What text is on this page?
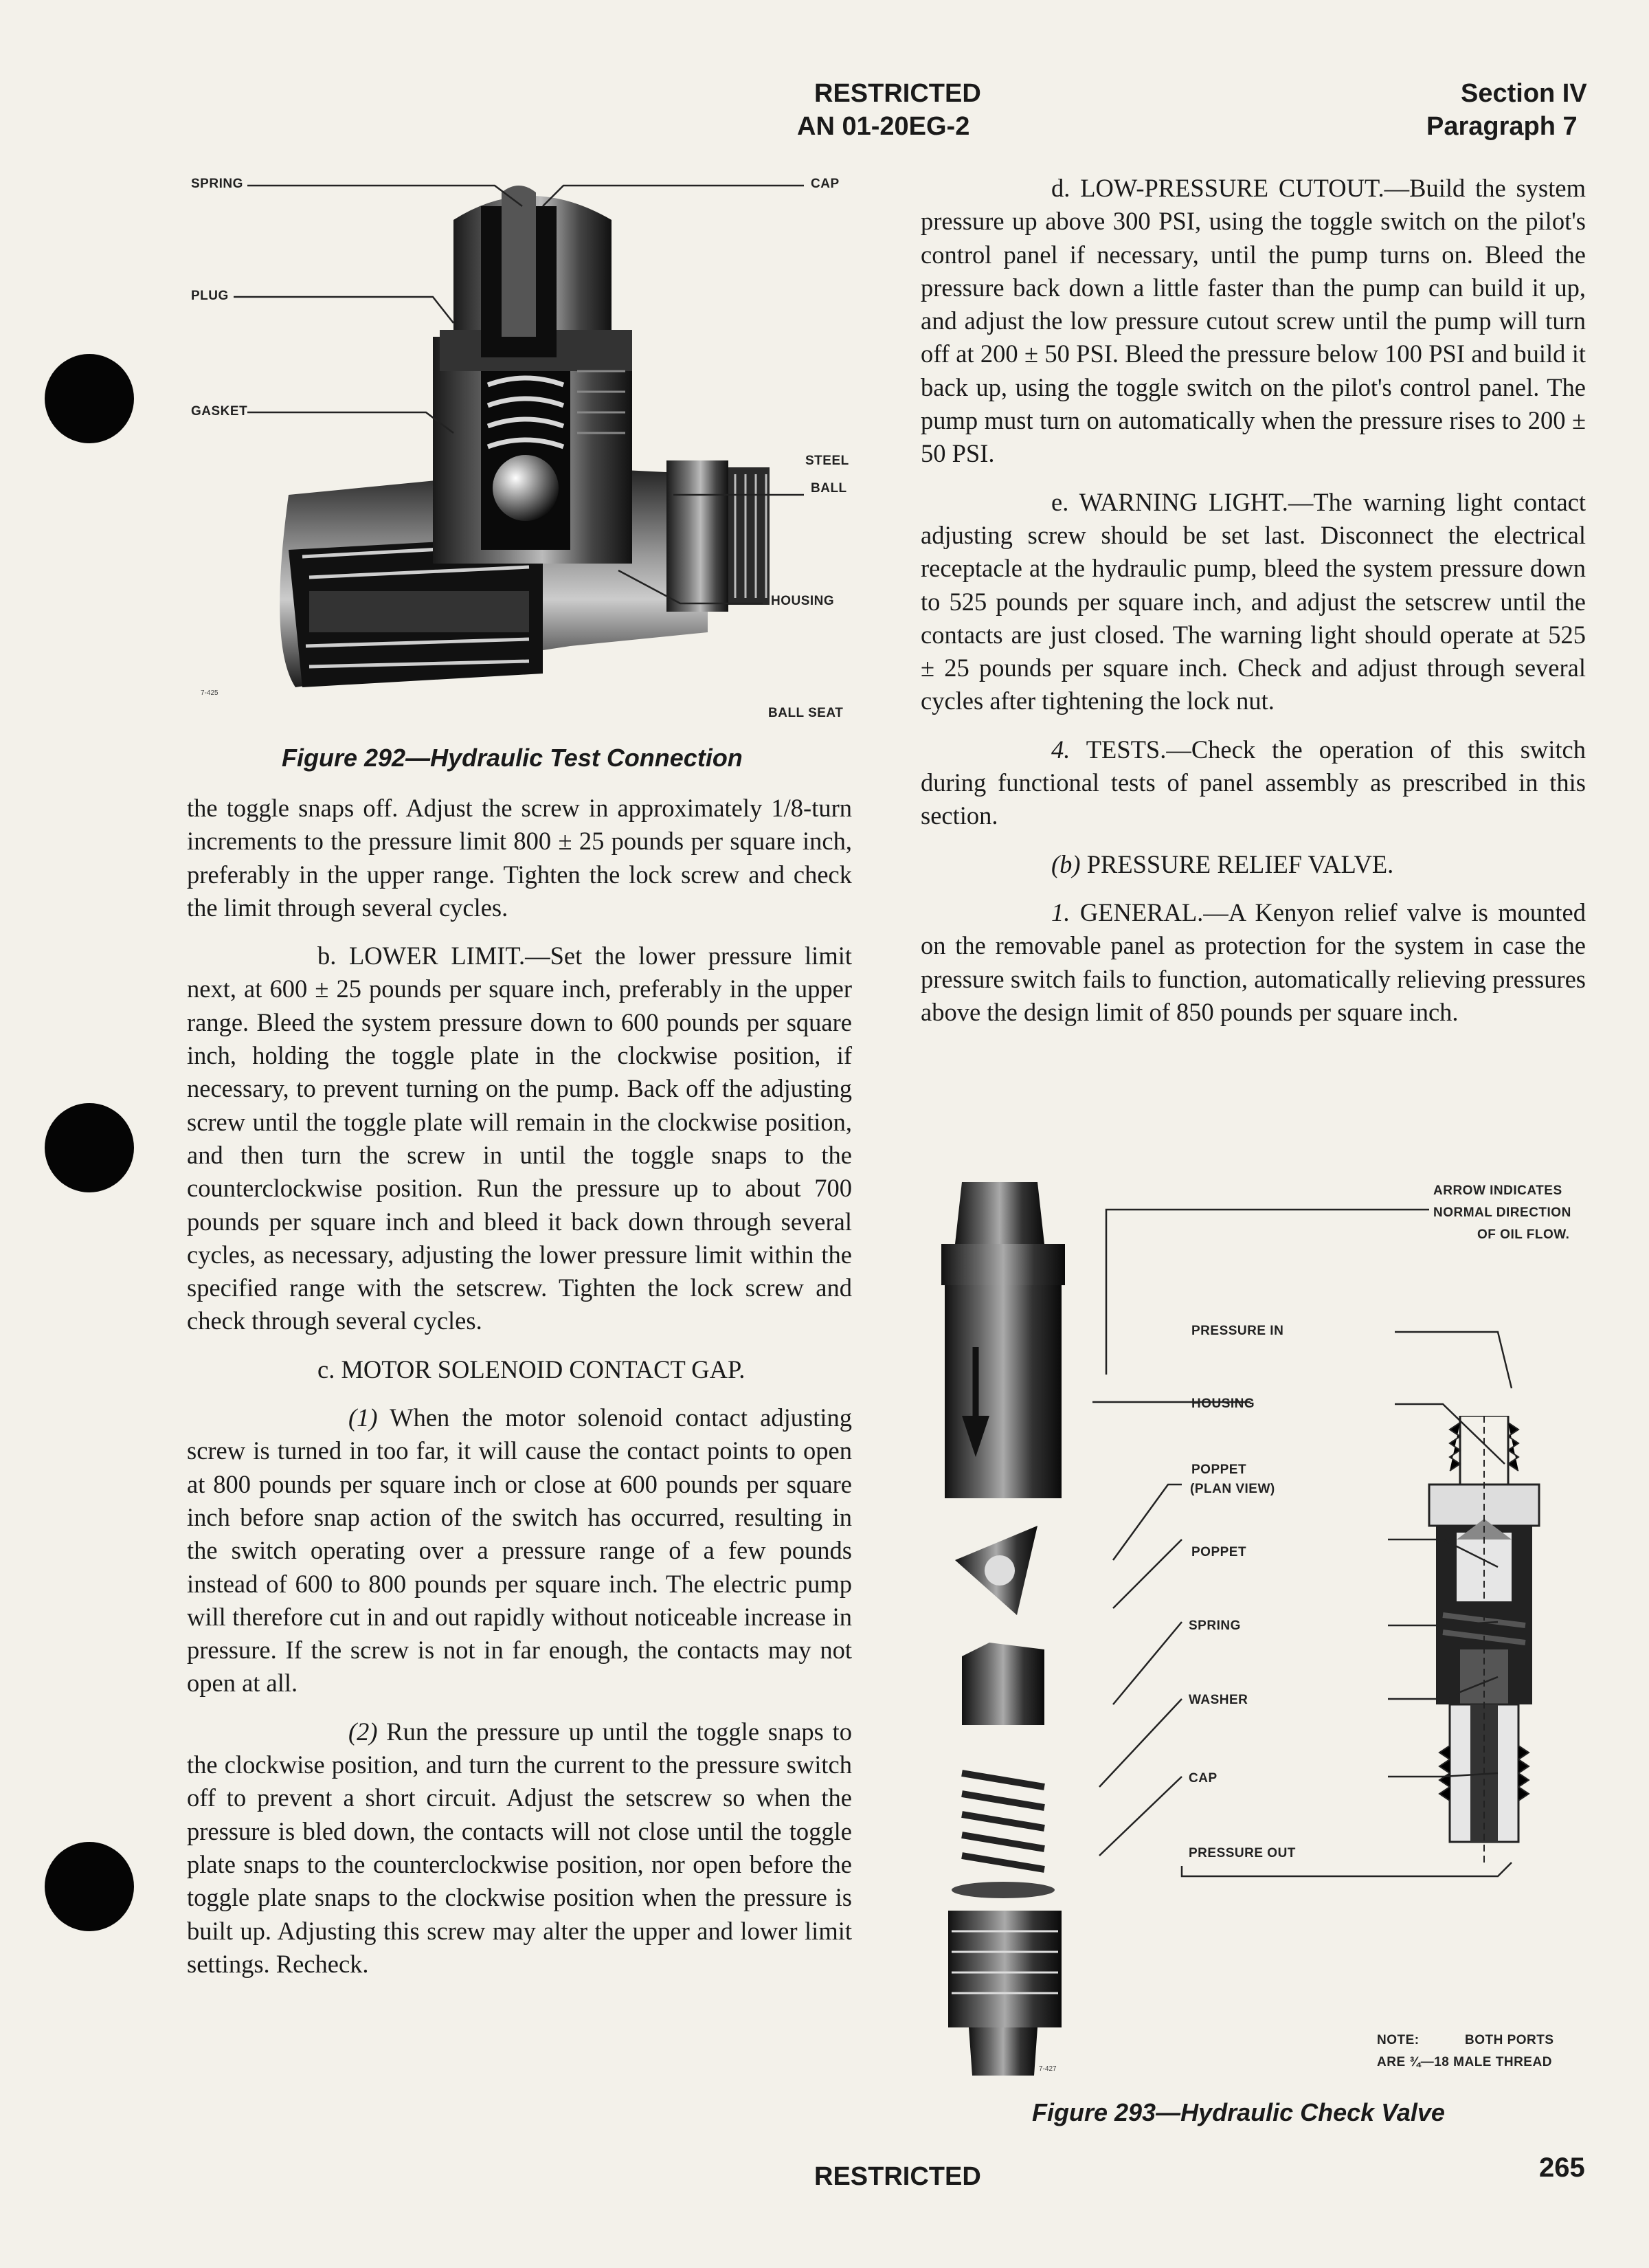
RESTRICTED
AN 01-20EG-2
Section IV
Paragraph 7
SPRING
PLUG
GASKET
CAP
STEEL
BALL
HOUSING
BALL SEAT
7-425
Figure 292—Hydraulic Test Connection

the toggle snaps off. Adjust the screw in approximately 1/8-turn increments to the pressure limit 800 ± 25 pounds per square inch, preferably in the upper range. Tighten the lock screw and check the limit through several cycles.

b. LOWER LIMIT.—Set the lower pressure limit next, at 600 ± 25 pounds per square inch, preferably in the upper range. Bleed the system pressure down to 600 pounds per square inch, holding the toggle plate in the clockwise position, if necessary, to prevent turning on the pump. Back off the adjusting screw until the toggle plate will remain in the clockwise position, and then turn the screw in until the toggle snaps to the counterclockwise position. Run the pressure up to about 700 pounds per square inch and bleed it back down through several cycles, as necessary, adjusting the lower pressure limit within the specified range with the setscrew. Tighten the lock screw and check through several cycles.

c. MOTOR SOLENOID CONTACT GAP.

(1) When the motor solenoid contact adjusting screw is turned in too far, it will cause the contact points to open at 800 pounds per square inch or close at 600 pounds per square inch before snap action of the switch has occurred, resulting in the switch operating over a pressure range of a few pounds instead of 600 to 800 pounds per square inch. The electric pump will therefore cut in and out rapidly without noticeable increase in pressure. If the screw is not in far enough, the contacts may not open at all.

(2) Run the pressure up until the toggle snaps to the clockwise position, and turn the current to the pressure switch off to prevent a short circuit. Adjust the setscrew so when the pressure is bled down, the contacts will not close until the toggle plate snaps to the counterclockwise position, nor open before the toggle plate snaps to the clockwise position when the pressure is built up. Adjusting this screw may alter the upper and lower limit settings. Recheck.

d. LOW-PRESSURE CUTOUT.—Build the system pressure up above 300 PSI, using the toggle switch on the pilot's control panel if necessary, until the pump turns on. Bleed the pressure back down a little faster than the pump can build it up, and adjust the low pressure cutout screw until the pump will turn off at 200 ± 50 PSI. Bleed the pressure below 100 PSI and build it back up, using the toggle switch on the pilot's control panel. The pump must turn on automatically when the pressure rises to 200 ± 50 PSI.

e. WARNING LIGHT.—The warning light contact adjusting screw should be set last. Disconnect the electrical receptacle at the hydraulic pump, bleed the system pressure down to 525 pounds per square inch, and adjust the setscrew until the contacts are just closed. The warning light should operate at 525 ± 25 pounds per square inch. Check and adjust through several cycles after tightening the lock nut.

4. TESTS.—Check the operation of this switch during functional tests of panel assembly as prescribed in this section.

(b) PRESSURE RELIEF VALVE.

1. GENERAL.—A Kenyon relief valve is mounted on the removable panel as protection for the system in case the pressure switch fails to function, automatically relieving pressures above the design limit of 850 pounds per square inch.

ARROW INDICATES
NORMAL DIRECTION
OF OIL FLOW.
PRESSURE IN
HOUSING
POPPET
(PLAN VIEW)
POPPET
SPRING
WASHER
CAP
PRESSURE OUT
NOTE:	BOTH PORTS
ARE ¾—18 MALE THREAD
7-427
Figure 293—Hydraulic Check Valve
RESTRICTED	265
